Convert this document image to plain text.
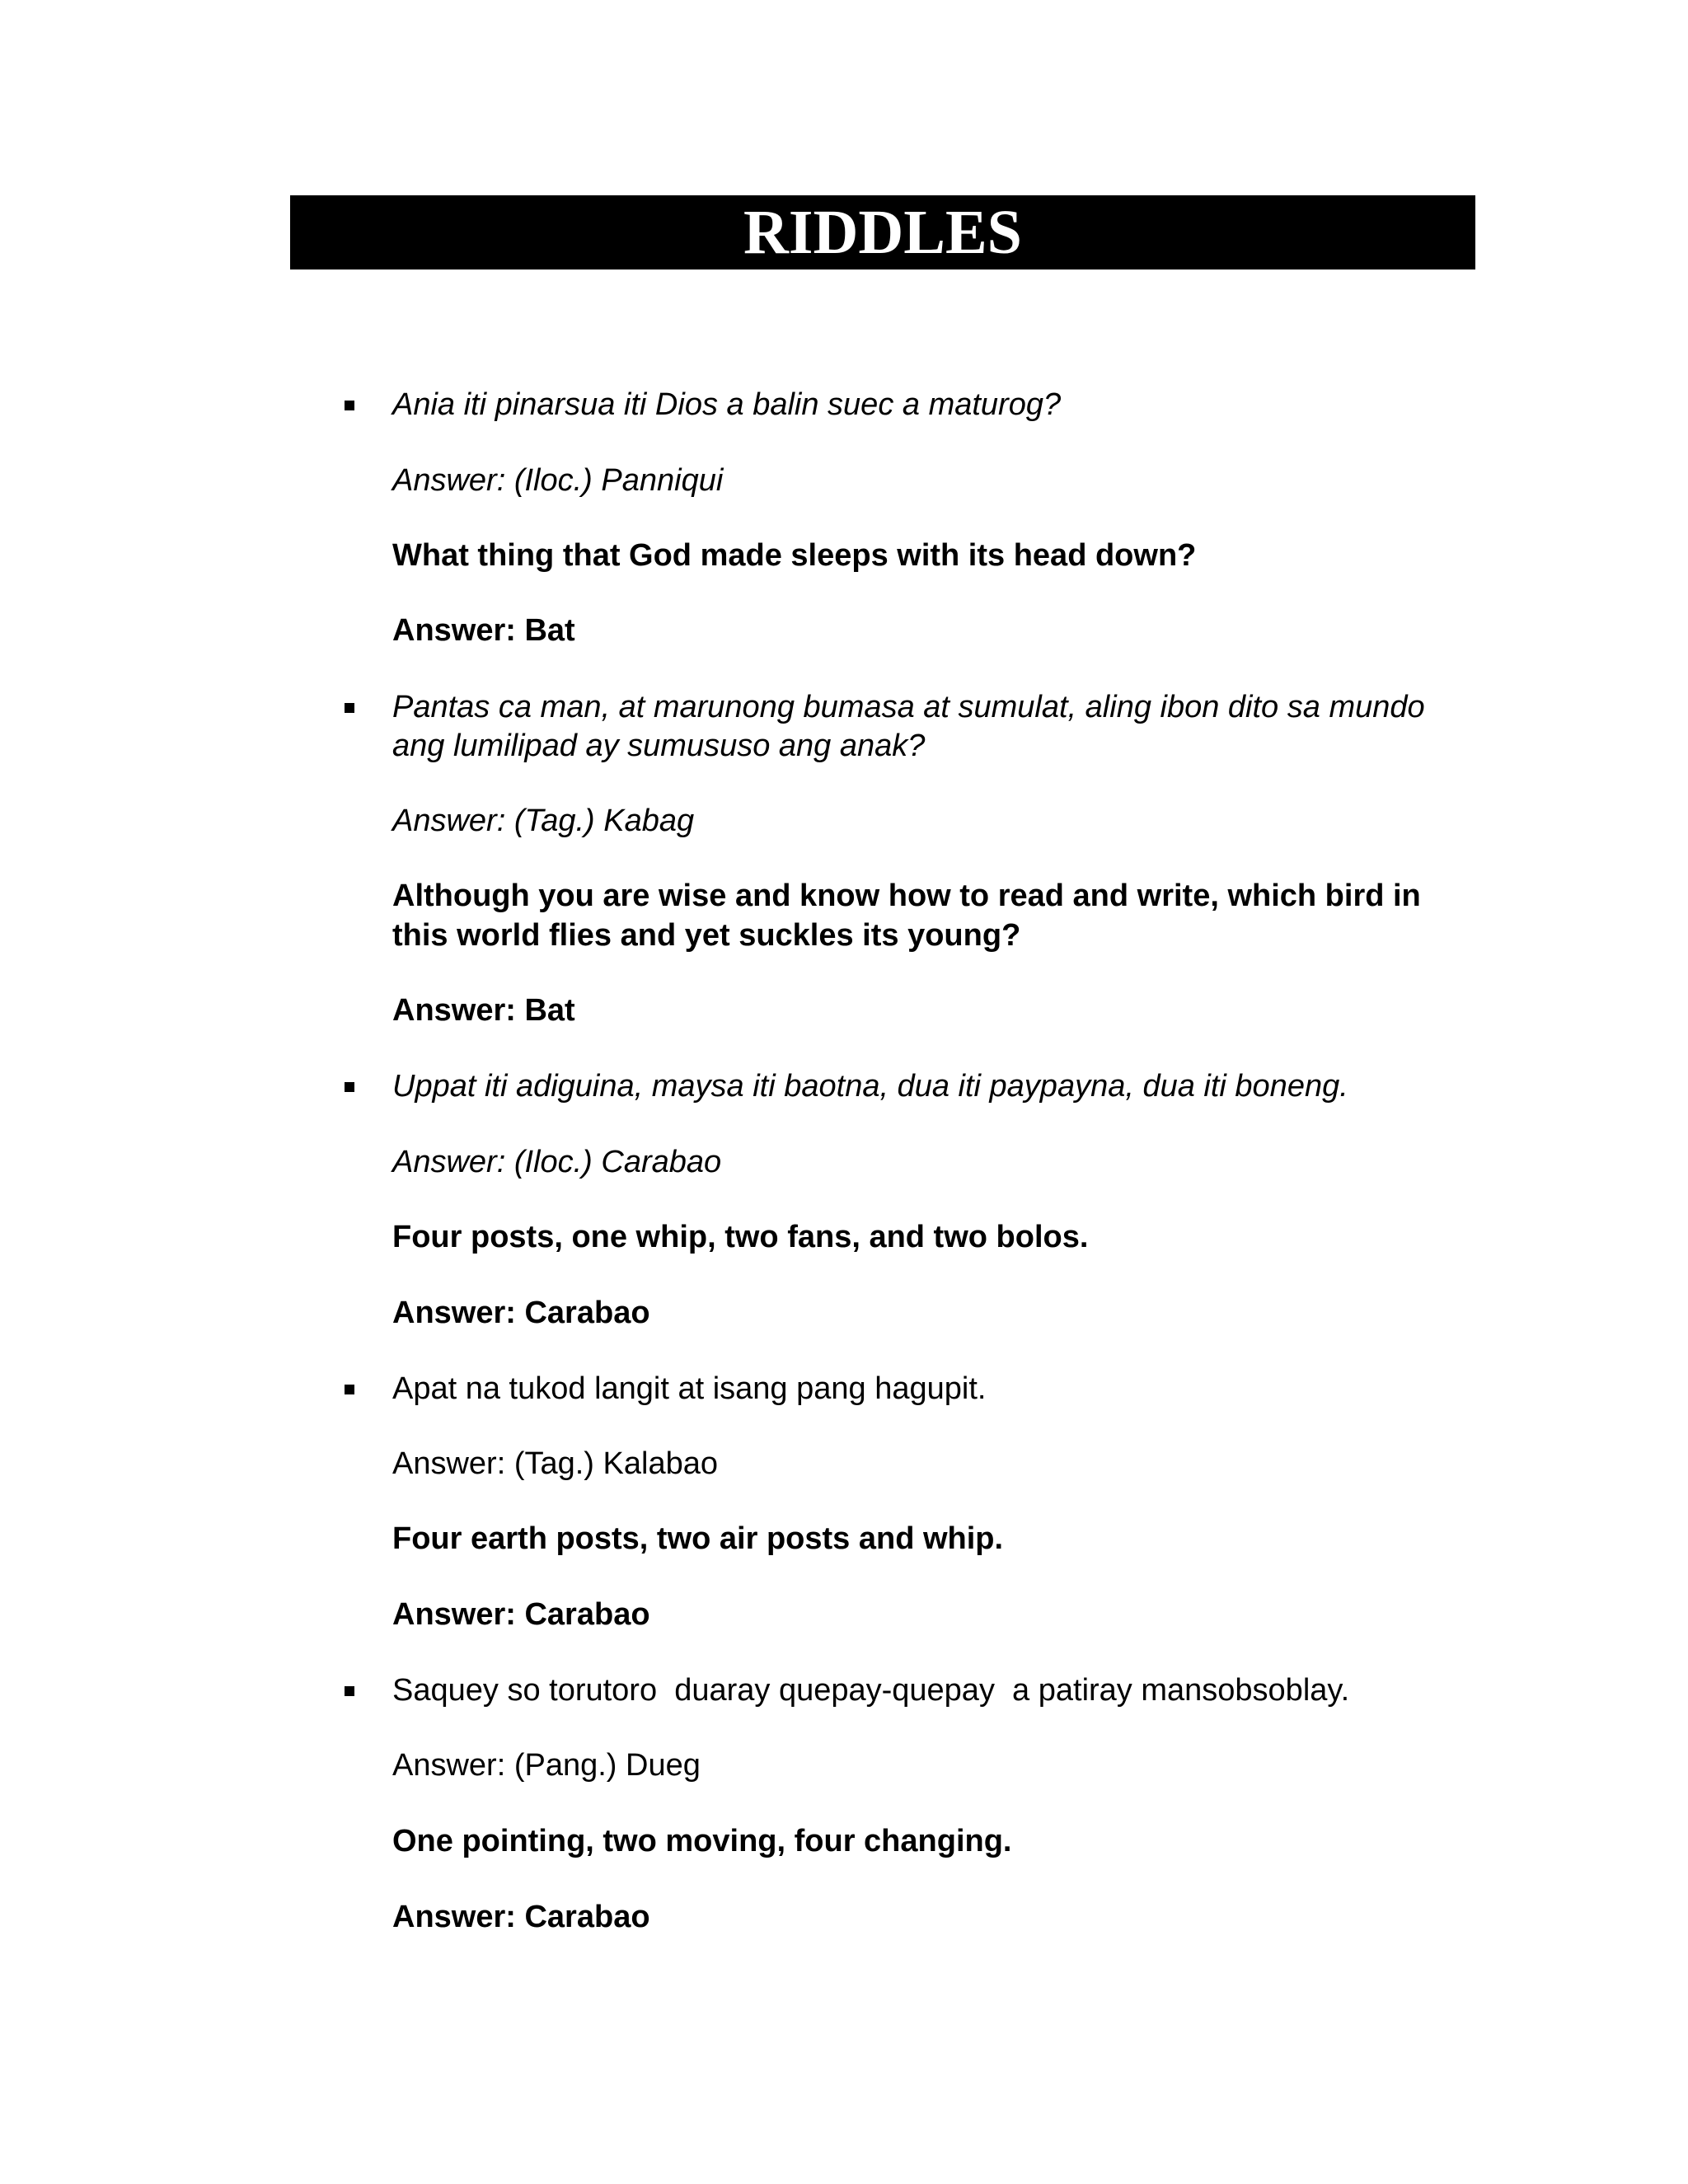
RIDDLES
Ania iti pinarsua iti Dios a balin suec a maturog?
Answer: (Iloc.) Panniqui
What thing that God made sleeps with its head down?
Answer: Bat
Pantas ca man, at marunong bumasa at sumulat, aling ibon dito sa mundo
ang lumilipad ay sumususo ang anak?
Answer: (Tag.) Kabag
Although you are wise and know how to read and write, which bird in
this world flies and yet suckles its young?
Answer: Bat
Uppat iti adiguina, maysa iti baotna, dua iti paypayna, dua iti boneng.
Answer: (Iloc.) Carabao
Four posts, one whip, two fans, and two bolos.
Answer: Carabao
Apat na tukod langit at isang pang hagupit.
Answer: (Tag.) Kalabao
Four earth posts, two air posts and whip.
Answer: Carabao
Saquey so torutoro  duaray quepay-quepay  a patiray mansobsoblay.
Answer: (Pang.) Dueg
One pointing, two moving, four changing.
Answer: Carabao
